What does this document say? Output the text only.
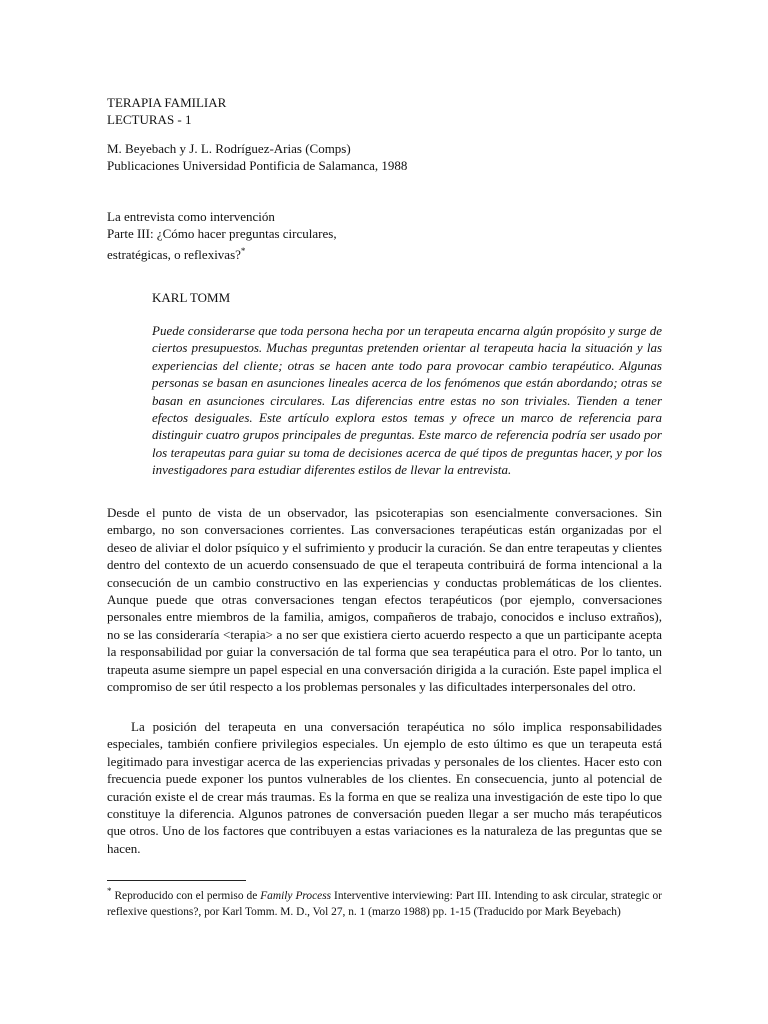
TERAPIA FAMILIAR
LECTURAS - 1
M. Beyebach y J. L. Rodríguez-Arias (Comps)
Publicaciones Universidad Pontificia de Salamanca, 1988
La entrevista como intervención
Parte III: ¿Cómo hacer preguntas circulares,
estratégicas, o reflexivas?*
KARL TOMM

Puede considerarse que toda persona hecha por un terapeuta encarna algún propósito y surge de ciertos presupuestos. Muchas preguntas pretenden orientar al terapeuta hacia la situación y las experiencias del cliente; otras se hacen ante todo para provocar cambio terapéutico. Algunas personas se basan en asunciones lineales acerca de los fenómenos que están abordando; otras se basan en asunciones circulares. Las diferencias entre estas no son triviales. Tienden a tener efectos desiguales. Este artículo explora estos temas y ofrece un marco de referencia para distinguir cuatro grupos principales de preguntas. Este marco de referencia podría ser usado por los terapeutas para guiar su toma de decisiones acerca de qué tipos de preguntas hacer, y por los investigadores para estudiar diferentes estilos de llevar la entrevista.

Desde el punto de vista de un observador, las psicoterapias son esencialmente conversaciones. Sin embargo, no son conversaciones corrientes. Las conversaciones terapéuticas están organizadas por el deseo de aliviar el dolor psíquico y el sufrimiento y producir la curación. Se dan entre terapeutas y clientes dentro del contexto de un acuerdo consensuado de que el terapeuta contribuirá de forma intencional a la consecución de un cambio constructivo en las experiencias y conductas problemáticas de los clientes. Aunque puede que otras conversaciones tengan efectos terapéuticos (por ejemplo, conversaciones personales entre miembros de la familia, amigos, compañeros de trabajo, conocidos e incluso extraños), no se las consideraría <terapia> a no ser que existiera cierto acuerdo respecto a que un participante acepta la responsabilidad por guiar la conversación de tal forma que sea terapéutica para el otro. Por lo tanto, un trapeuta asume siempre un papel especial en una conversación dirigida a la curación. Este papel implica el compromiso de ser útil respecto a los problemas personales y las dificultades interpersonales del otro.

La posición del terapeuta en una conversación terapéutica no sólo implica responsabilidades especiales, también confiere privilegios especiales. Un ejemplo de esto último es que un terapeuta está legitimado para investigar acerca de las experiencias privadas y personales de los clientes. Hacer esto con frecuencia puede exponer los puntos vulnerables de los clientes. En consecuencia, junto al potencial de curación existe el de crear más traumas. Es la forma en que se realiza una investigación de este tipo lo que constituye la diferencia. Algunos patrones de conversación pueden llegar a ser mucho más terapéuticos que otros. Uno de los factores que contribuyen a estas variaciones es la naturaleza de las preguntas que se hacen.

* Reproducido con el permiso de Family Process Interventive interviewing: Part III. Intending to ask circular, strategic or reflexive questions?, por Karl Tomm. M. D., Vol 27, n. 1 (marzo 1988) pp. 1-15 (Traducido por Mark Beyebach)
